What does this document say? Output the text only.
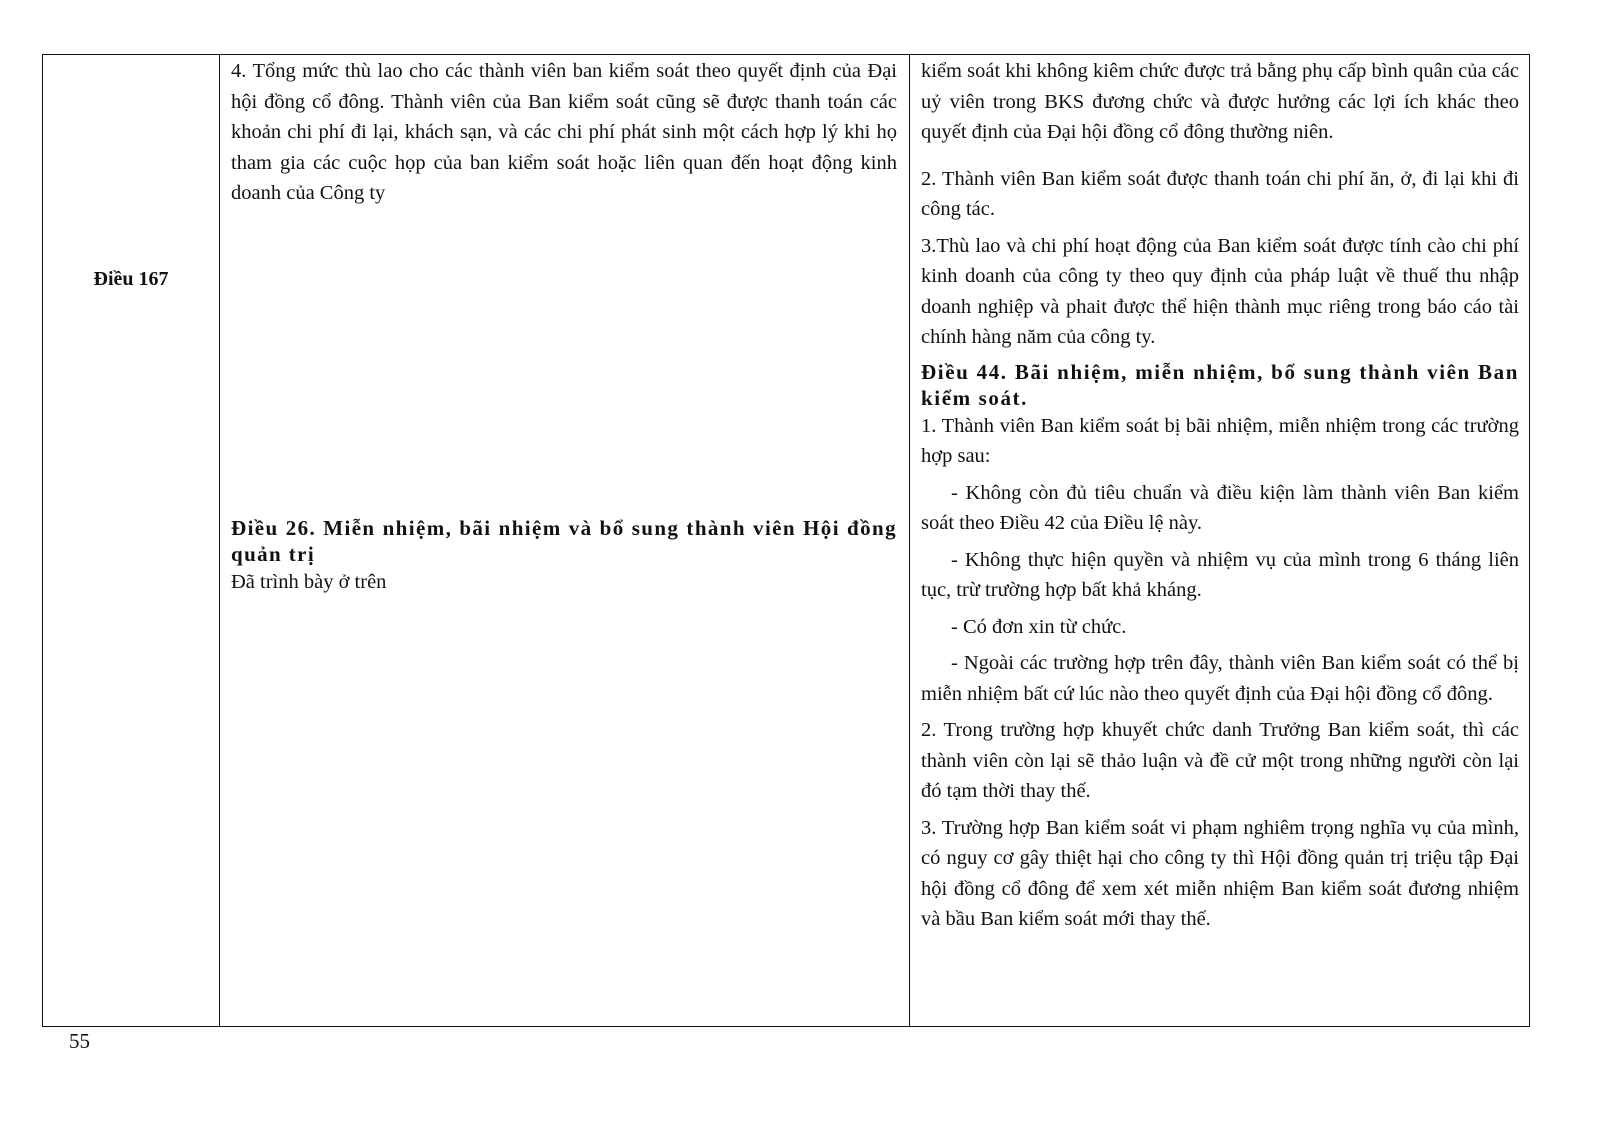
Điều 167

4. Tổng mức thù lao cho các thành viên ban kiểm soát theo quyết định của Đại hội đồng cổ đông. Thành viên của Ban kiểm soát cũng sẽ được thanh toán các khoản chi phí đi lại, khách sạn, và các chi phí phát sinh một cách hợp lý khi họ tham gia các cuộc họp của ban kiểm soát hoặc liên quan đến hoạt động kinh doanh của Công ty

Điều 26. Miễn nhiệm, bãi nhiệm và bổ sung thành viên Hội đồng quản trị
Đã trình bày ở trên

kiểm soát khi không kiêm chức được trả bằng phụ cấp bình quân của các uỷ viên trong BKS đương chức và được hưởng các lợi ích khác theo quyết định của Đại hội đồng cổ đông thường niên.

2. Thành viên Ban kiểm soát được thanh toán chi phí ăn, ở, đi lại khi đi công tác.

3.Thù lao và chi phí hoạt động của Ban kiểm soát được tính cào chi phí kinh doanh của công ty theo quy định của pháp luật về thuế thu nhập doanh nghiệp và phait được thể hiện thành mục riêng trong báo cáo tài chính hàng năm của công ty.

Điều 44. Bãi nhiệm, miễn nhiệm, bổ sung thành viên Ban kiểm soát.

1. Thành viên Ban kiểm soát bị bãi nhiệm, miễn nhiệm trong các trường hợp sau:

- Không còn đủ tiêu chuẩn và điều kiện làm thành viên Ban kiểm soát theo Điều 42 của Điều lệ này.

- Không thực hiện quyền và nhiệm vụ của mình trong 6 tháng liên tục, trừ trường hợp bất khả kháng.

- Có đơn xin từ chức.

- Ngoài các trường hợp trên đây, thành viên Ban kiểm soát có thể bị miễn nhiệm bất cứ lúc nào theo quyết định của Đại hội đồng cổ đông.

2. Trong trường hợp khuyết chức danh Trưởng Ban kiểm soát, thì các thành viên còn lại sẽ thảo luận và đề cử một trong những người còn lại đó tạm thời thay thế.

3. Trường hợp Ban kiểm soát vi phạm nghiêm trọng nghĩa vụ của mình, có nguy cơ gây thiệt hại cho công ty thì Hội đồng quản trị triệu tập Đại hội đồng cổ đông để xem xét miễn nhiệm Ban kiểm soát đương nhiệm và bầu Ban kiểm soát mới thay thế.

55
